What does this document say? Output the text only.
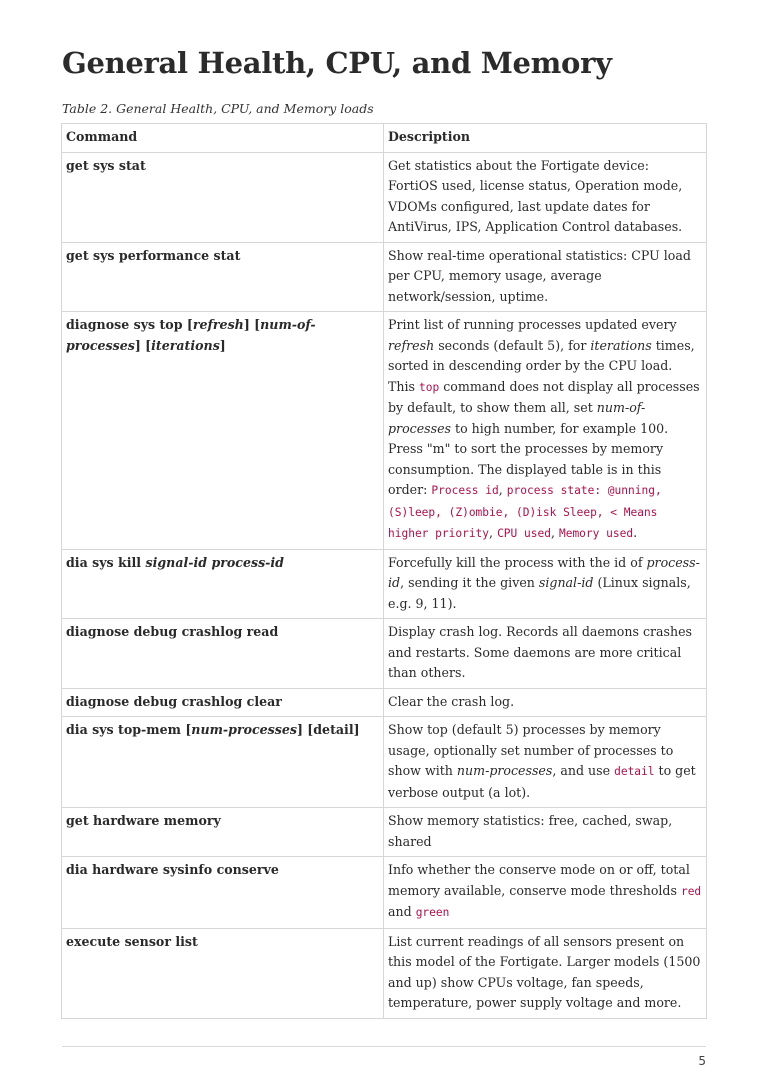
General Health, CPU, and Memory

Table 2. General Health, CPU, and Memory loads

Command	Description
get sys stat	Get statistics about the Fortigate device: FortiOS used, license status, Operation mode, VDOMs configured, last update dates for AntiVirus, IPS, Application Control databases.
get sys performance stat	Show real-time operational statistics: CPU load per CPU, memory usage, average network/session, uptime.
diagnose sys top [refresh] [num-of-processes] [iterations]	Print list of running processes updated every refresh seconds (default 5), for iterations times, sorted in descending order by the CPU load. This top command does not display all processes by default, to show them all, set num-of-processes to high number, for example 100. Press "m" to sort the processes by memory consumption. The displayed table is in this order: Process id, process state: @unning, (S)leep, (Z)ombie, (D)isk Sleep, < Means higher priority, CPU used, Memory used.
dia sys kill signal-id process-id	Forcefully kill the process with the id of process-id, sending it the given signal-id (Linux signals, e.g. 9, 11).
diagnose debug crashlog read	Display crash log. Records all daemons crashes and restarts. Some daemons are more critical than others.
diagnose debug crashlog clear	Clear the crash log.
dia sys top-mem [num-processes] [detail]	Show top (default 5) processes by memory usage, optionally set number of processes to show with num-processes, and use detail to get verbose output (a lot).
get hardware memory	Show memory statistics: free, cached, swap, shared
dia hardware sysinfo conserve	Info whether the conserve mode on or off, total memory available, conserve mode thresholds red and green
execute sensor list	List current readings of all sensors present on this model of the Fortigate. Larger models (1500 and up) show CPUs voltage, fan speeds, temperature, power supply voltage and more.
5
